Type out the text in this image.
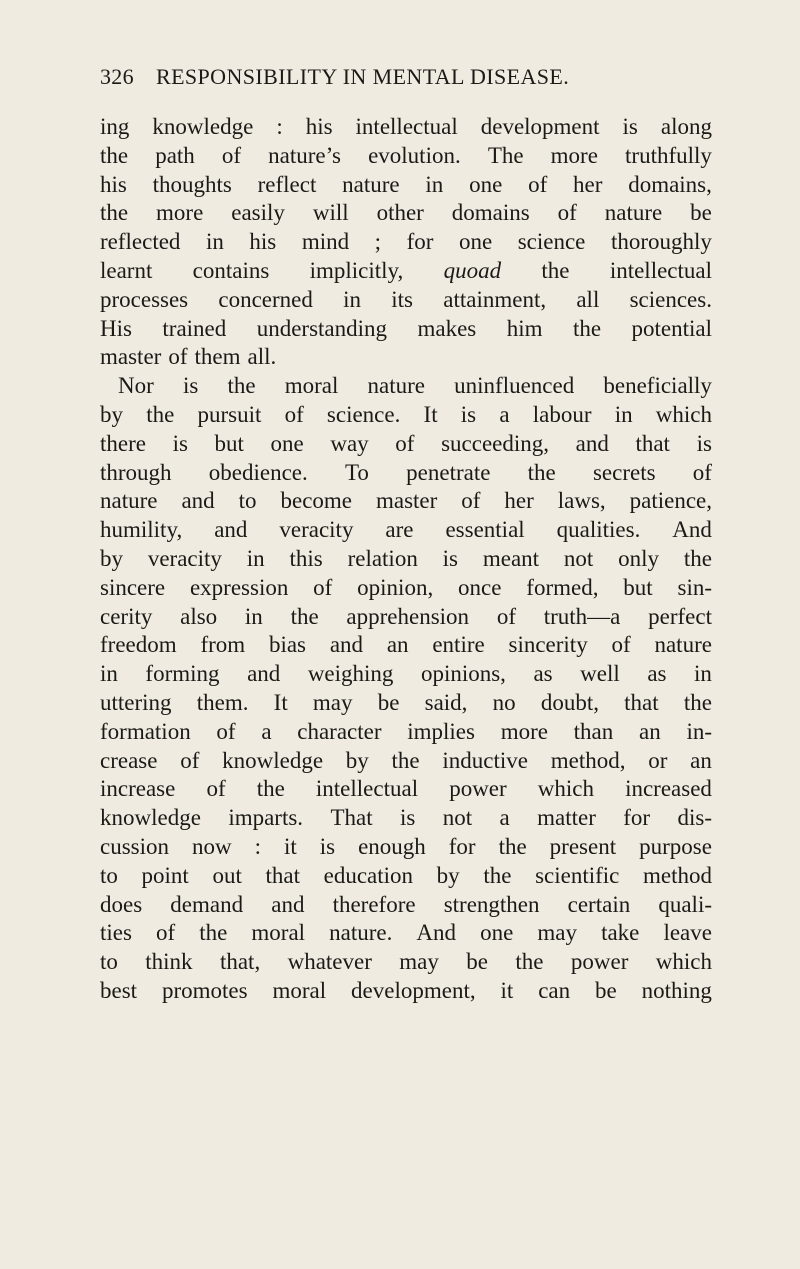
326 RESPONSIBILITY IN MENTAL DISEASE.
ing knowledge : his intellectual development is along
the path of nature’s evolution. The more truthfully
his thoughts reflect nature in one of her domains,
the more easily will other domains of nature be
reflected in his mind ; for one science thoroughly
learnt contains implicitly, quoad the intellectual
processes concerned in its attainment, all sciences.
His trained understanding makes him the potential
master of them all.
Nor is the moral nature uninfluenced beneficially
by the pursuit of science. It is a labour in which
there is but one way of succeeding, and that is
through obedience. To penetrate the secrets of
nature and to become master of her laws, patience,
humility, and veracity are essential qualities. And
by veracity in this relation is meant not only the
sincere expression of opinion, once formed, but sin-
cerity also in the apprehension of truth—a perfect
freedom from bias and an entire sincerity of nature
in forming and weighing opinions, as well as in
uttering them. It may be said, no doubt, that the
formation of a character implies more than an in-
crease of knowledge by the inductive method, or an
increase of the intellectual power which increased
knowledge imparts. That is not a matter for dis-
cussion now : it is enough for the present purpose
to point out that education by the scientific method
does demand and therefore strengthen certain quali-
ties of the moral nature. And one may take leave
to think that, whatever may be the power which
best promotes moral development, it can be nothing
